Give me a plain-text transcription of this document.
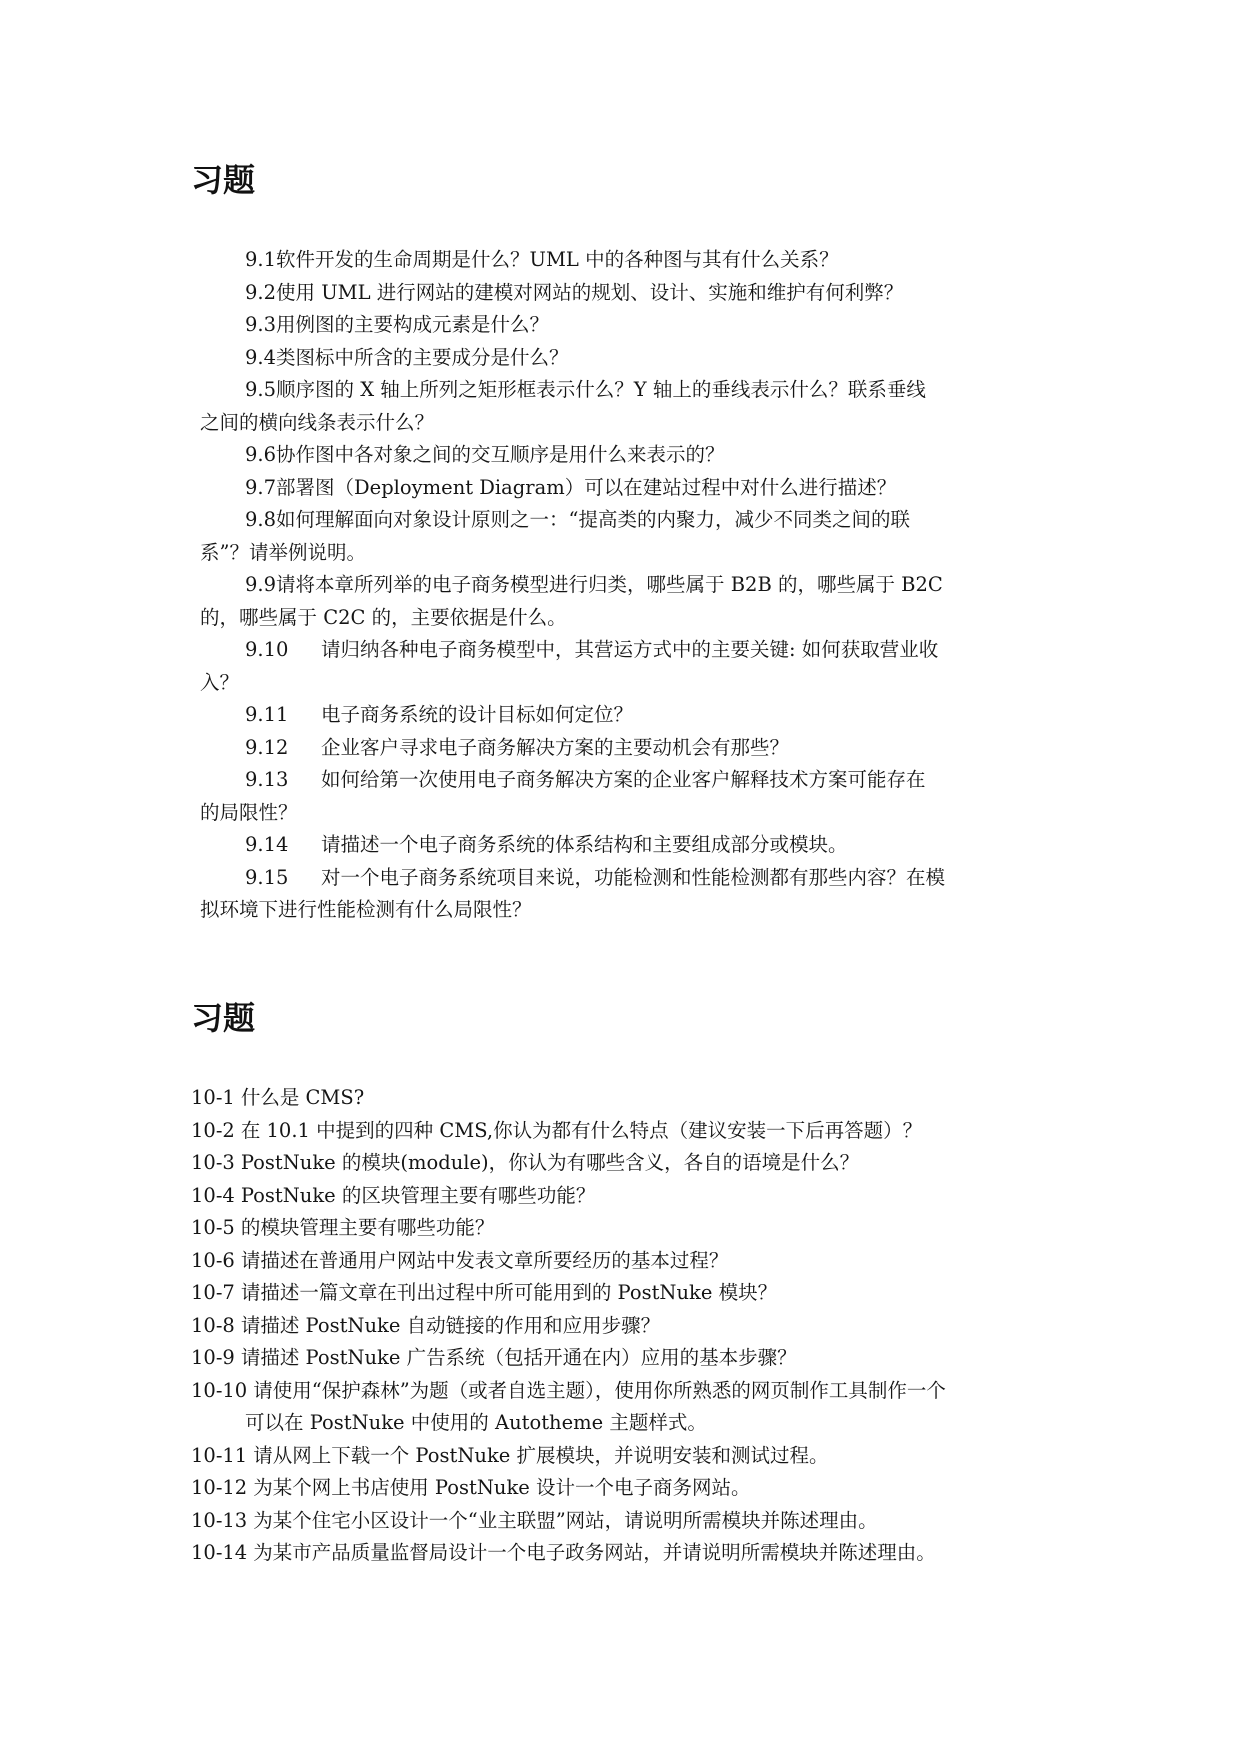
习题
9.1软件开发的生命周期是什么？UML 中的各种图与其有什么关系？
9.2使用 UML 进行网站的建模对网站的规划、设计、实施和维护有何利弊？
9.3用例图的主要构成元素是什么？
9.4类图标中所含的主要成分是什么？
9.5顺序图的 X 轴上所列之矩形框表示什么？Y 轴上的垂线表示什么？联系垂线
之间的横向线条表示什么？
9.6协作图中各对象之间的交互顺序是用什么来表示的？
9.7部署图（Deployment Diagram）可以在建站过程中对什么进行描述？
9.8如何理解面向对象设计原则之一：“提高类的内聚力，减少不同类之间的联
系”？请举例说明。
9.9请将本章所列举的电子商务模型进行归类，哪些属于 B2B 的，哪些属于 B2C
的，哪些属于 C2C 的，主要依据是什么。
9.10 请归纳各种电子商务模型中，其营运方式中的主要关键: 如何获取营业收
入？
9.11 电子商务系统的设计目标如何定位？
9.12 企业客户寻求电子商务解决方案的主要动机会有那些？
9.13 如何给第一次使用电子商务解决方案的企业客户解释技术方案可能存在
的局限性？
9.14 请描述一个电子商务系统的体系结构和主要组成部分或模块。
9.15 对一个电子商务系统项目来说，功能检测和性能检测都有那些内容？在模
拟环境下进行性能检测有什么局限性？
习题
10-1 什么是 CMS?
10-2 在 10.1 中提到的四种 CMS,你认为都有什么特点（建议安装一下后再答题）？
10-3 PostNuke 的模块(module)，你认为有哪些含义，各自的语境是什么？
10-4 PostNuke 的区块管理主要有哪些功能？
10-5 的模块管理主要有哪些功能？
10-6 请描述在普通用户网站中发表文章所要经历的基本过程？
10-7 请描述一篇文章在刊出过程中所可能用到的 PostNuke 模块？
10-8 请描述 PostNuke 自动链接的作用和应用步骤？
10-9 请描述 PostNuke 广告系统（包括开通在内）应用的基本步骤？
10-10 请使用“保护森林”为题（或者自选主题），使用你所熟悉的网页制作工具制作一个
可以在 PostNuke 中使用的 Autotheme 主题样式。
10-11 请从网上下载一个 PostNuke 扩展模块，并说明安装和测试过程。
10-12 为某个网上书店使用 PostNuke 设计一个电子商务网站。
10-13 为某个住宅小区设计一个“业主联盟”网站，请说明所需模块并陈述理由。
10-14 为某市产品质量监督局设计一个电子政务网站，并请说明所需模块并陈述理由。
